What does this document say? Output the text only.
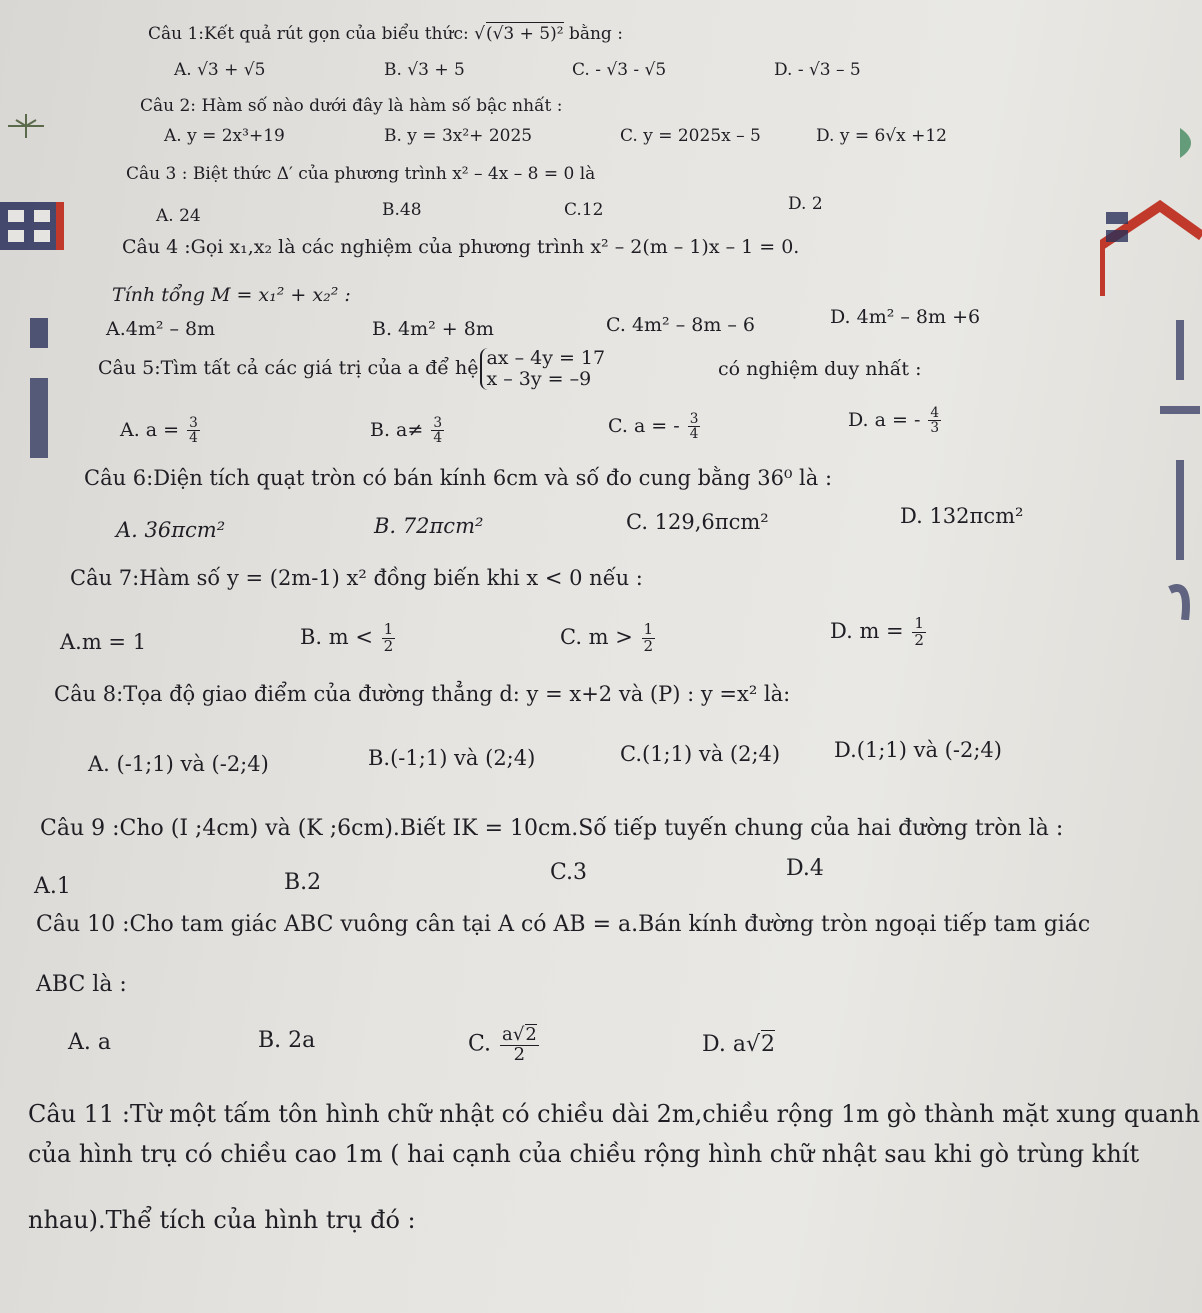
Câu 1:Kết quả rút gọn của biểu thức: √(√3 + 5)² bằng :
A. √3 + √5	B. √3 + 5	C. - √3 - √5	D. - √3 – 5
Câu 2: Hàm số nào dưới đây là hàm số bậc nhất :
A. y = 2x³+19	B. y = 3x²+ 2025	C. y = 2025x – 5	D. y = 6√x +12
Câu 3 : Biệt thức Δ′ của phương trình x² – 4x – 8 = 0 là
A. 24	B.48	C.12	D. 2
Câu 4 :Gọi x₁,x₂ là các nghiệm của phương trình x² – 2(m – 1)x – 1 = 0.
Tính tổng M = x₁² + x₂² :
A.4m² – 8m	B. 4m² + 8m	C. 4m² – 8m – 6	D. 4m² – 8m +6
Câu 5:Tìm tất cả các giá trị của a để hệ ax – 4y = 17
x – 3y = –9	có nghiệm duy nhất :
A. $a = \frac{3}{4}$	B. $a\ne \frac{3}{4}$	C. a = - $\frac{3}{4}$	D. a = - $\frac{4}{3}$
Câu 6:Diện tích quạt tròn có bán kính 6cm và số đo cung bằng 36⁰ là :
A. 36πcm²	B. 72πcm²	C. 129,6πcm²	D. 132πcm²
Câu 7:Hàm số y = (2m-1) x² đồng biến khi x < 0 nếu :
A.m = 1	B. $m < \frac{1}{2}$	C. $m > \frac{1}{2}$	D. $m = \frac{1}{2}$
Câu 8:Tọa độ giao điểm của đường thẳng d: y = x+2 và (P) : y =x² là:
A. (-1;1) và (-2;4)	B.(-1;1) và (2;4)	C.(1;1) và (2;4)	D.(1;1) và (-2;4)
Câu 9 :Cho (I ;4cm) và (K ;6cm).Biết IK = 10cm.Số tiếp tuyến chung của hai đường tròn là :
A.1	B.2	C.3	D.4
Câu 10 :Cho tam giác ABC vuông cân tại A có AB = a.Bán kính đường tròn ngoại tiếp tam giác
ABC là :
A. a	B. 2a	C. $\frac{a√2}{2}$	D. a√2
Câu 11 :Từ một tấm tôn hình chữ nhật có chiều dài 2m,chiều rộng 1m gò thành mặt xung quanh
của hình trụ có chiều cao 1m ( hai cạnh của chiều rộng hình chữ nhật sau khi gò trùng khít
nhau).Thể tích của hình trụ đó :
